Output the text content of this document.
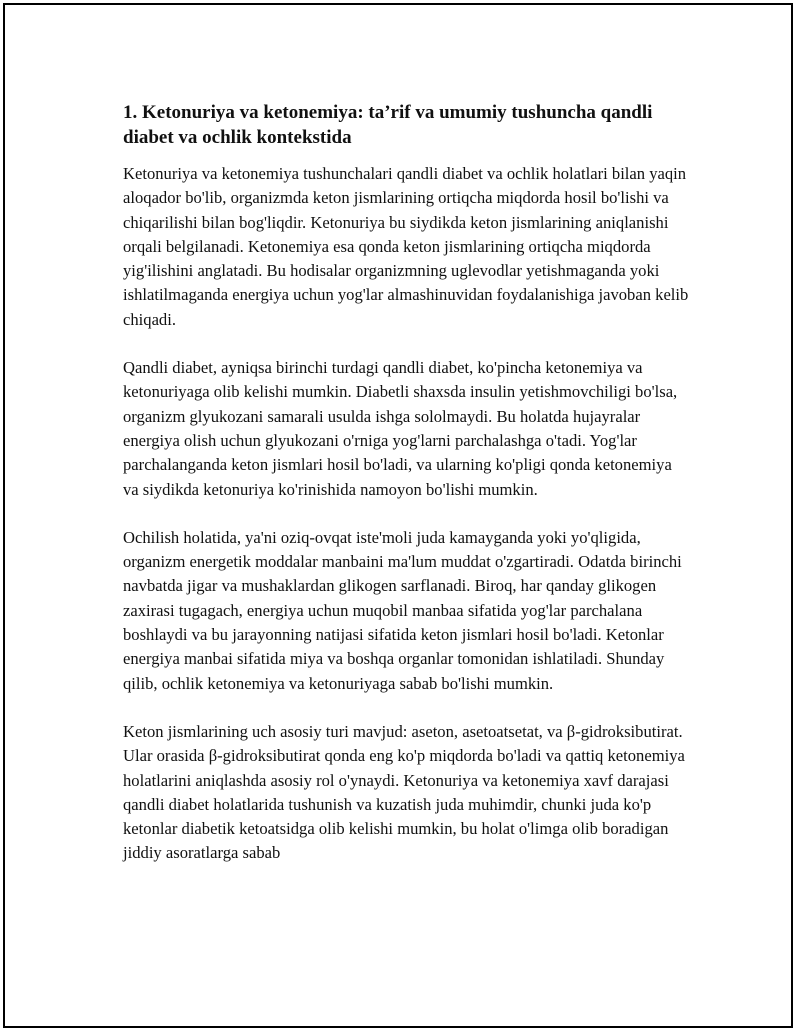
1. Ketonuriya va ketonemiya: ta’rif va umumiy tushuncha qandli diabet va ochlik kontekstida

Ketonuriya va ketonemiya tushunchalari qandli diabet va ochlik holatlari bilan yaqin aloqador bo'lib, organizmda keton jismlarining ortiqcha miqdorda hosil bo'lishi va chiqarilishi bilan bog'liqdir. Ketonuriya bu siydikda keton jismlarining aniqlanishi orqali belgilanadi. Ketonemiya esa qonda keton jismlarining ortiqcha miqdorda yig'ilishini anglatadi. Bu hodisalar organizmning uglevodlar yetishmaganda yoki ishlatilmaganda energiya uchun yog'lar almashinuvidan foydalanishiga javoban kelib chiqadi.

Qandli diabet, ayniqsa birinchi turdagi qandli diabet, ko'pincha ketonemiya va ketonuriyaga olib kelishi mumkin. Diabetli shaxsda insulin yetishmovchiligi bo'lsa, organizm glyukozani samarali usulda ishga sololmaydi. Bu holatda hujayralar energiya olish uchun glyukozani o'rniga yog'larni parchalashga o'tadi. Yog'lar parchalanganda keton jismlari hosil bo'ladi, va ularning ko'pligi qonda ketonemiya va siydikda ketonuriya ko'rinishida namoyon bo'lishi mumkin.

Ochilish holatida, ya'ni oziq-ovqat iste'moli juda kamayganda yoki yo'qligida, organizm energetik moddalar manbaini ma'lum muddat o'zgartiradi. Odatda birinchi navbatda jigar va mushaklardan glikogen sarflanadi. Biroq, har qanday glikogen zaxirasi tugagach, energiya uchun muqobil manbaa sifatida yog'lar parchalana boshlaydi va bu jarayonning natijasi sifatida keton jismlari hosil bo'ladi. Ketonlar energiya manbai sifatida miya va boshqa organlar tomonidan ishlatiladi. Shunday qilib, ochlik ketonemiya va ketonuriyaga sabab bo'lishi mumkin.

Keton jismlarining uch asosiy turi mavjud: aseton, asetoatsetat, va β-gidroksibutirat. Ular orasida β-gidroksibutirat qonda eng ko'p miqdorda bo'ladi va qattiq ketonemiya holatlarini aniqlashda asosiy rol o'ynaydi. Ketonuriya va ketonemiya xavf darajasi qandli diabet holatlarida tushunish va kuzatish juda muhimdir, chunki juda ko'p ketonlar diabetik ketoatsidga olib kelishi mumkin, bu holat o'limga olib boradigan jiddiy asoratlarga sabab
